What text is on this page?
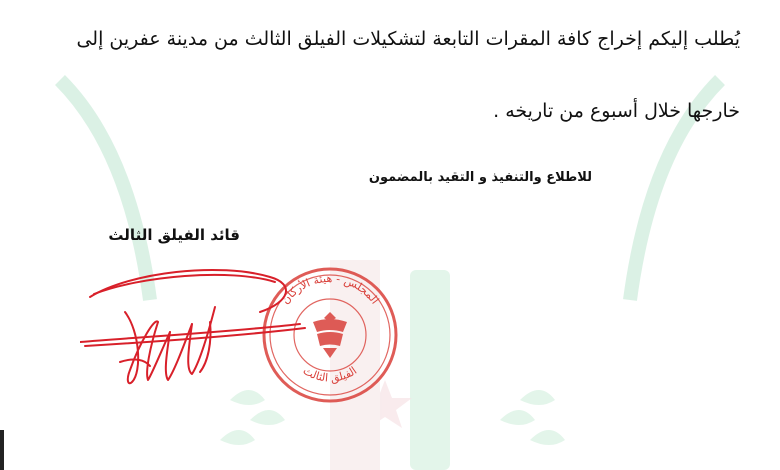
يُطلب إليكم إخراج كافة المقرات التابعة لتشكيلات الفيلق الثالث من مدينة عفرين إلى
خارجها خلال أسبوع من تاريخه .
للاطلاع والتنفيذ و التقيد بالمضمون
قائد الفيلق الثالث
المجلس - هيئة الأركان
الفيلق الثالث
